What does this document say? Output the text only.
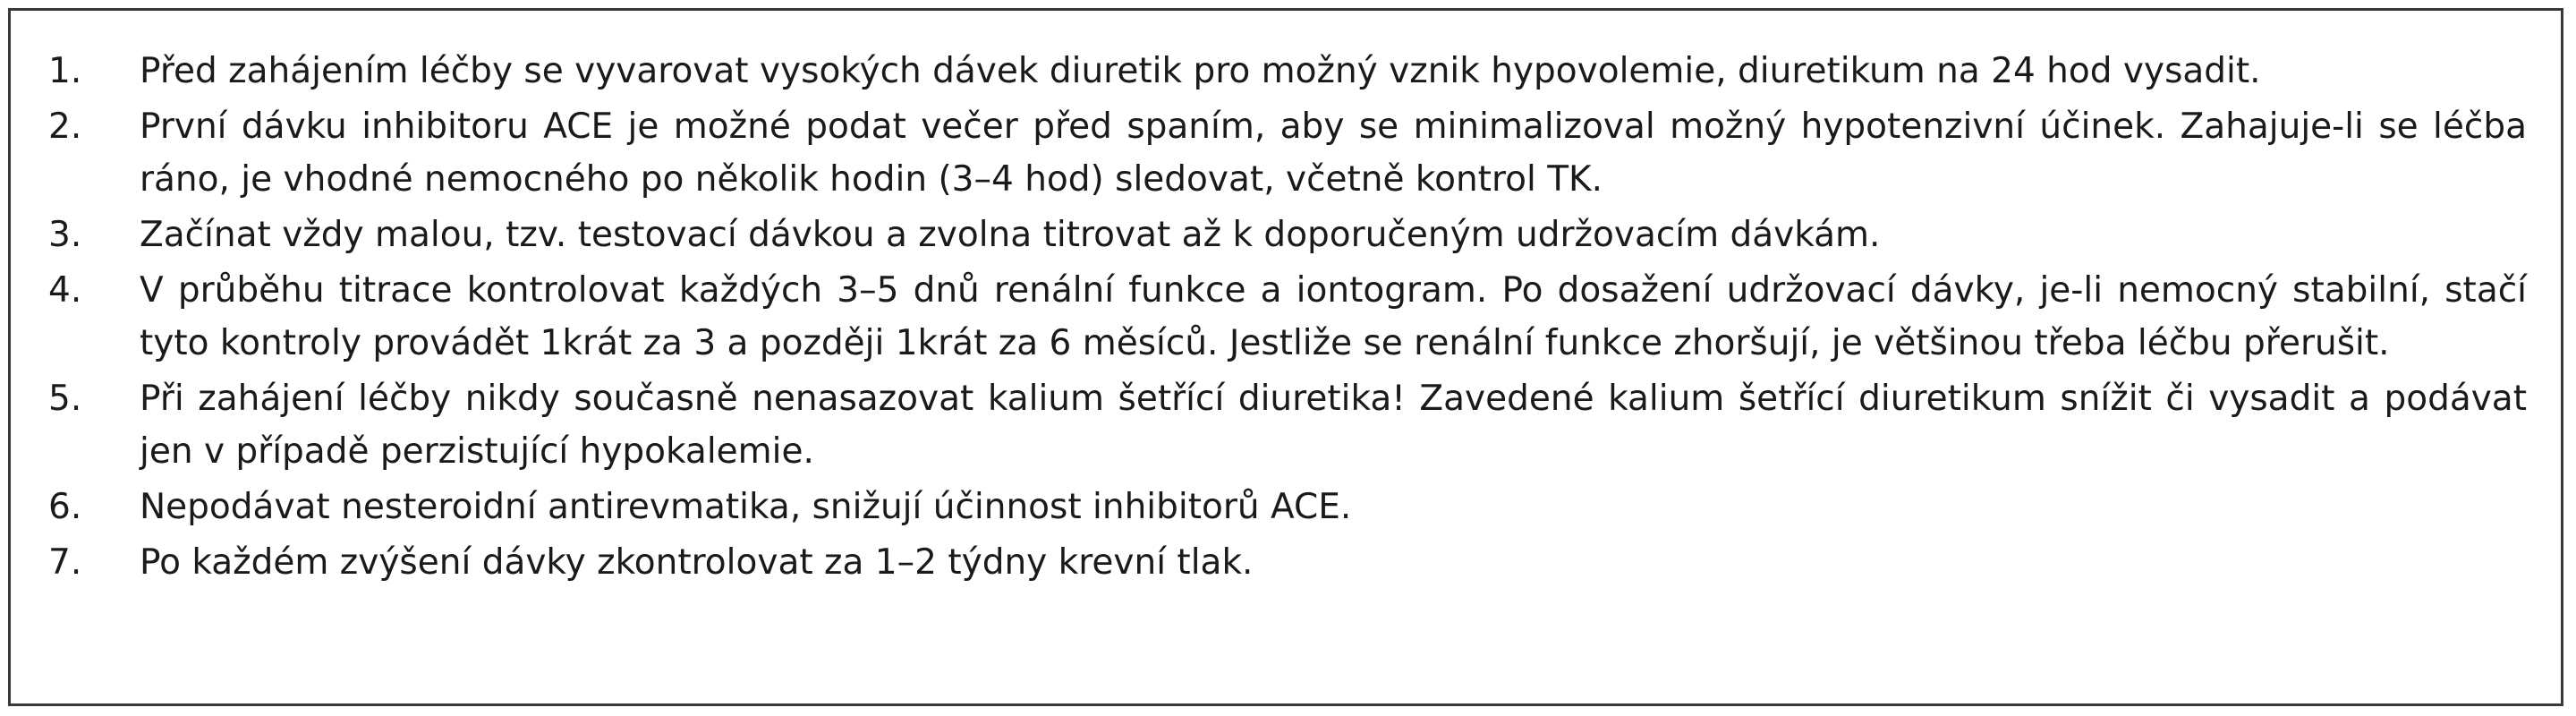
1. Před zahájením léčby se vyvarovat vysokých dávek diuretik pro možný vznik hypovolemie, diuretikum na 24 hod vysadit.
2. První dávku inhibitoru ACE je možné podat večer před spaním, aby se minimalizoval možný hypotenzivní účinek. Zahajuje-li se léčba ráno, je vhodné nemocného po několik hodin (3–4 hod) sledovat, včetně kontrol TK.
3. Začínat vždy malou, tzv. testovací dávkou a zvolna titrovat až k doporučeným udržovacím dávkám.
4. V průběhu titrace kontrolovat každých 3–5 dnů renální funkce a iontogram. Po dosažení udržovací dávky, je-li nemocný stabilní, stačí tyto kontroly provádět 1krát za 3 a později 1krát za 6 měsíců. Jestliže se renální funkce zhoršují, je většinou třeba léčbu přerušit.
5. Při zahájení léčby nikdy současně nenasazovat kalium šetřící diuretika! Zavedené kalium šetřící diuretikum snížit či vysadit a podávat jen v případě perzistující hypokalemie.
6. Nepodávat nesteroidní antirevmatika, snižují účinnost inhibitorů ACE.
7. Po každém zvýšení dávky zkontrolovat za 1–2 týdny krevní tlak.
